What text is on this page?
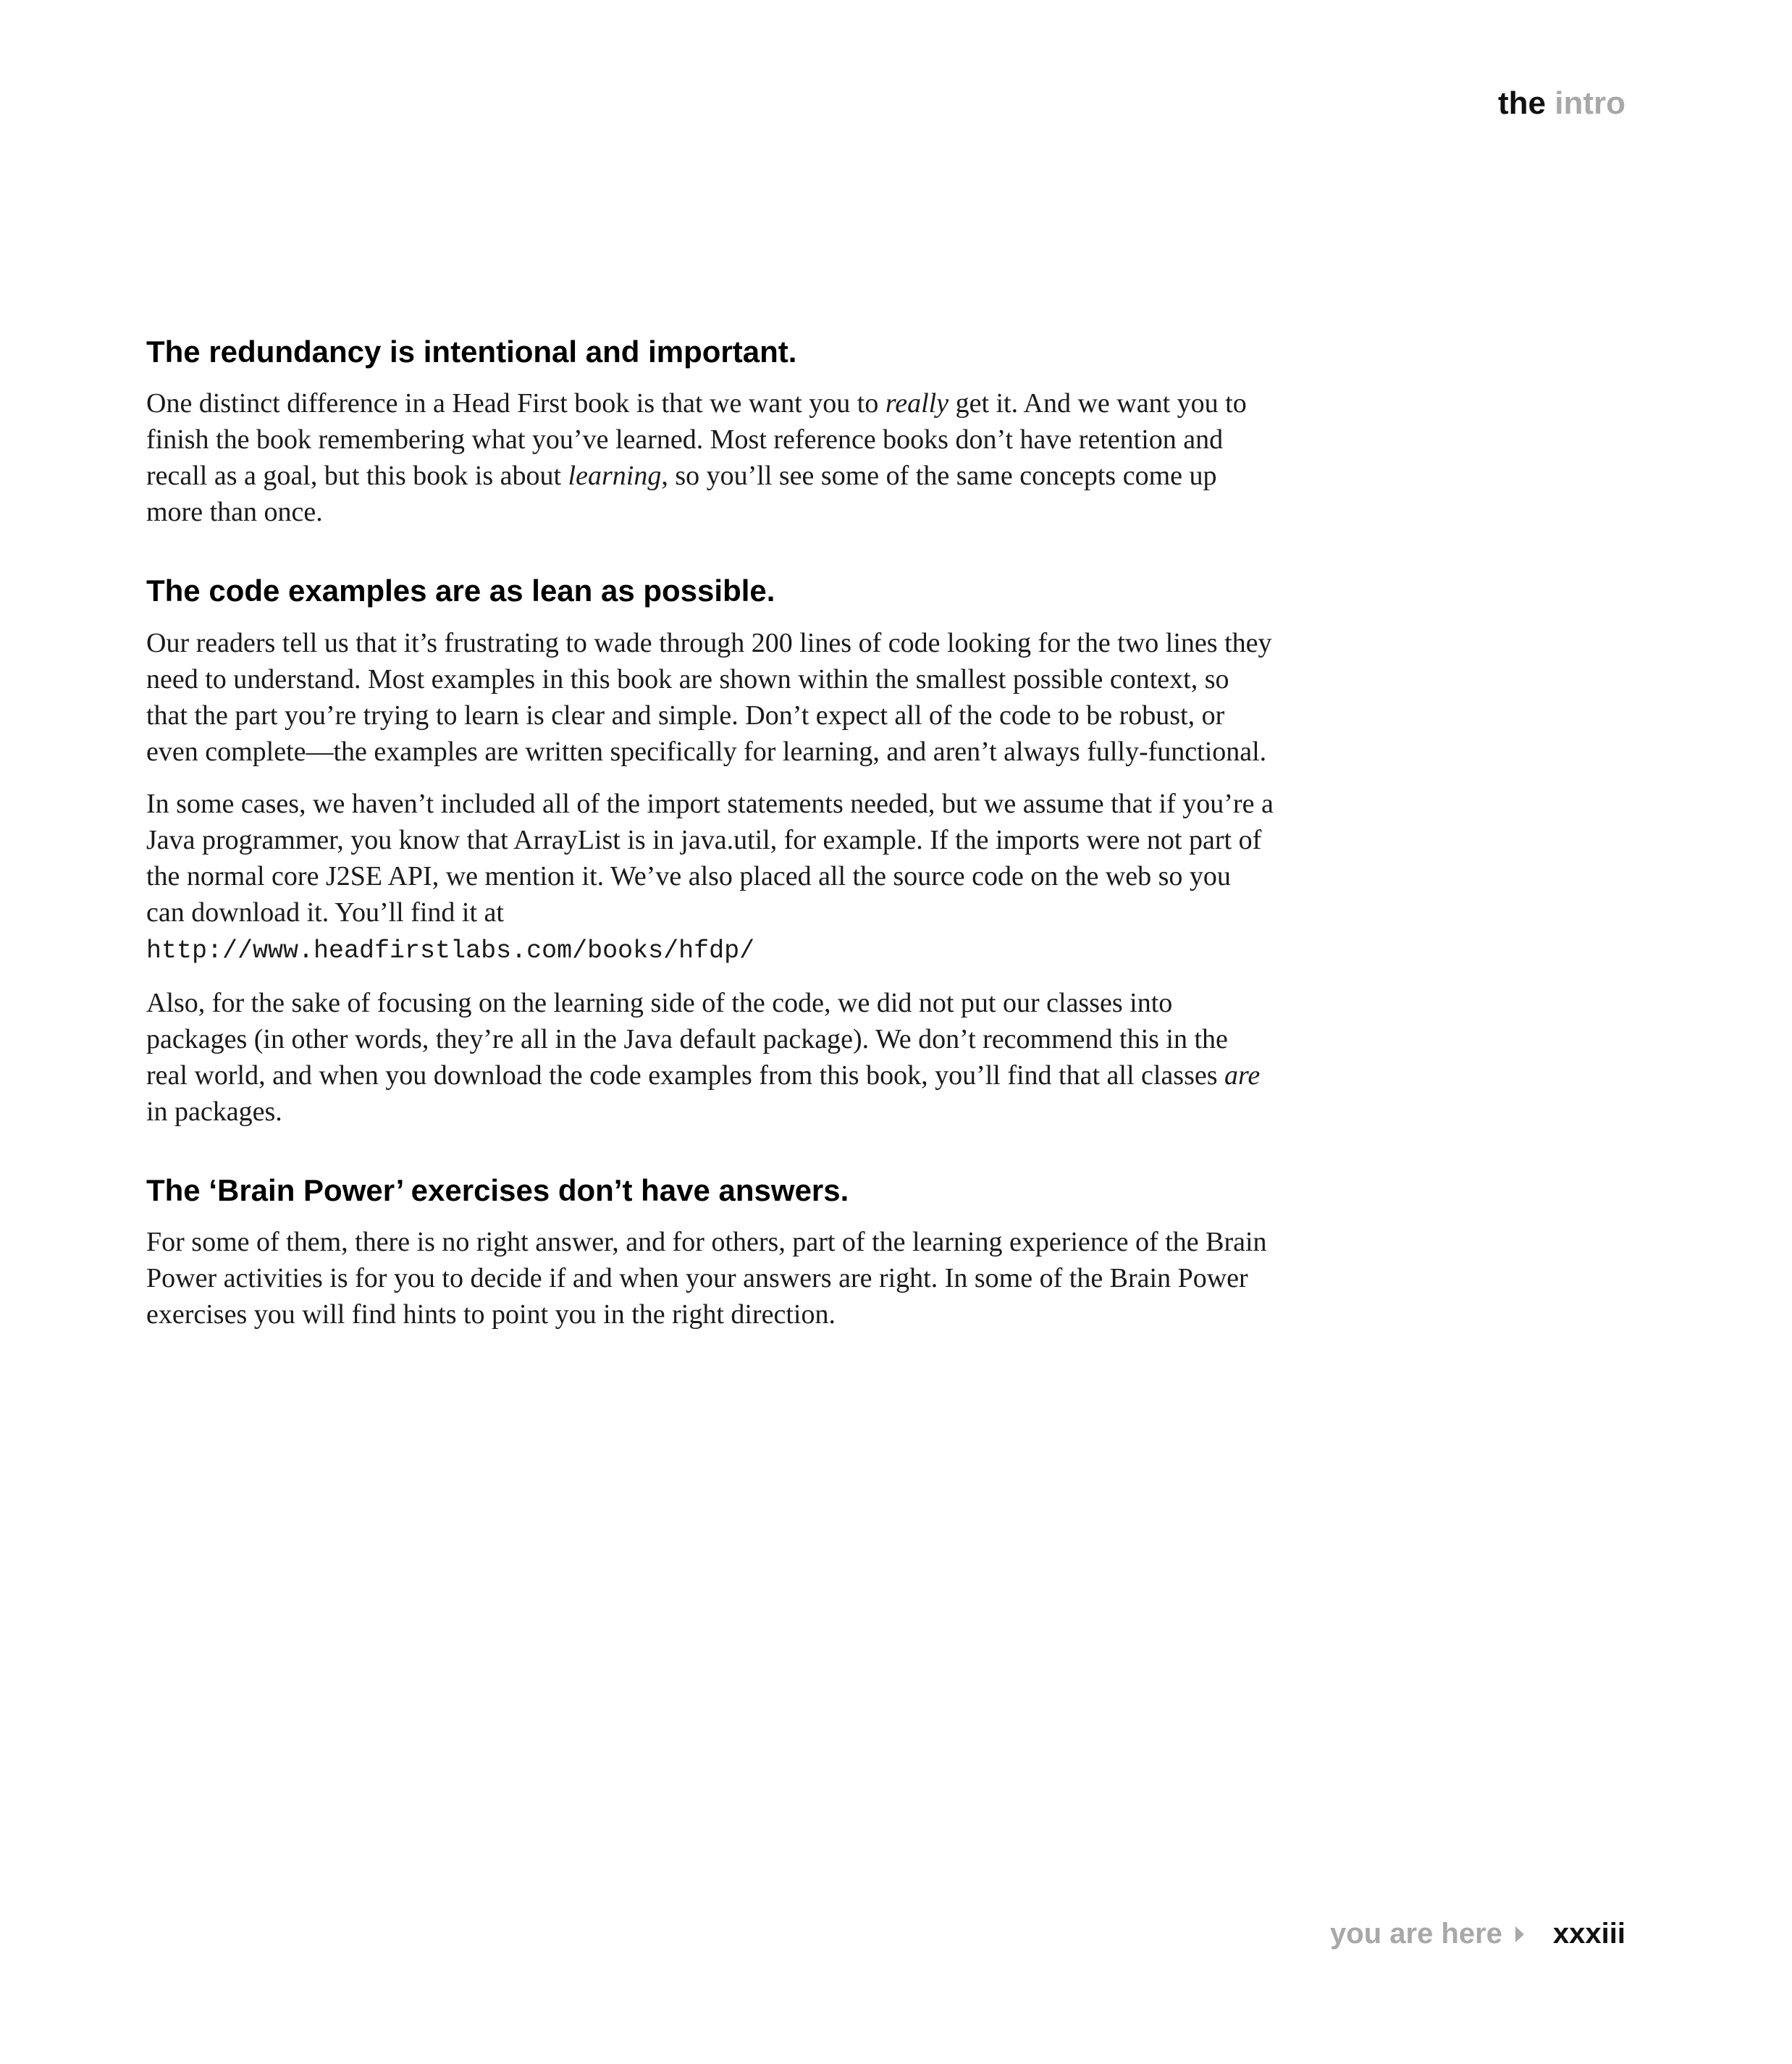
the intro
The redundancy is intentional and important.

One distinct difference in a Head First book is that we want you to really get it. And we want you to finish the book remembering what you’ve learned. Most reference books don’t have retention and recall as a goal, but this book is about learning, so you’ll see some of the same concepts come up more than once.

The code examples are as lean as possible.

Our readers tell us that it’s frustrating to wade through 200 lines of code looking for the two lines they need to understand. Most examples in this book are shown within the smallest possible context, so that the part you’re trying to learn is clear and simple. Don’t expect all of the code to be robust, or even complete—the examples are written specifically for learning, and aren’t always fully-functional.

In some cases, we haven’t included all of the import statements needed, but we assume that if you’re a Java programmer, you know that ArrayList is in java.util, for example. If the imports were not part of the normal core J2SE API, we mention it. We’ve also placed all the source code on the web so you can download it. You’ll find it at
http://www.headfirstlabs.com/books/hfdp/

Also, for the sake of focusing on the learning side of the code, we did not put our classes into packages (in other words, they’re all in the Java default package). We don’t recommend this in the real world, and when you download the code examples from this book, you’ll find that all classes are in packages.

The ‘Brain Power’ exercises don’t have answers.

For some of them, there is no right answer, and for others, part of the learning experience of the Brain Power activities is for you to decide if and when your answers are right. In some of the Brain Power exercises you will find hints to point you in the right direction.

you are here xxxiii
